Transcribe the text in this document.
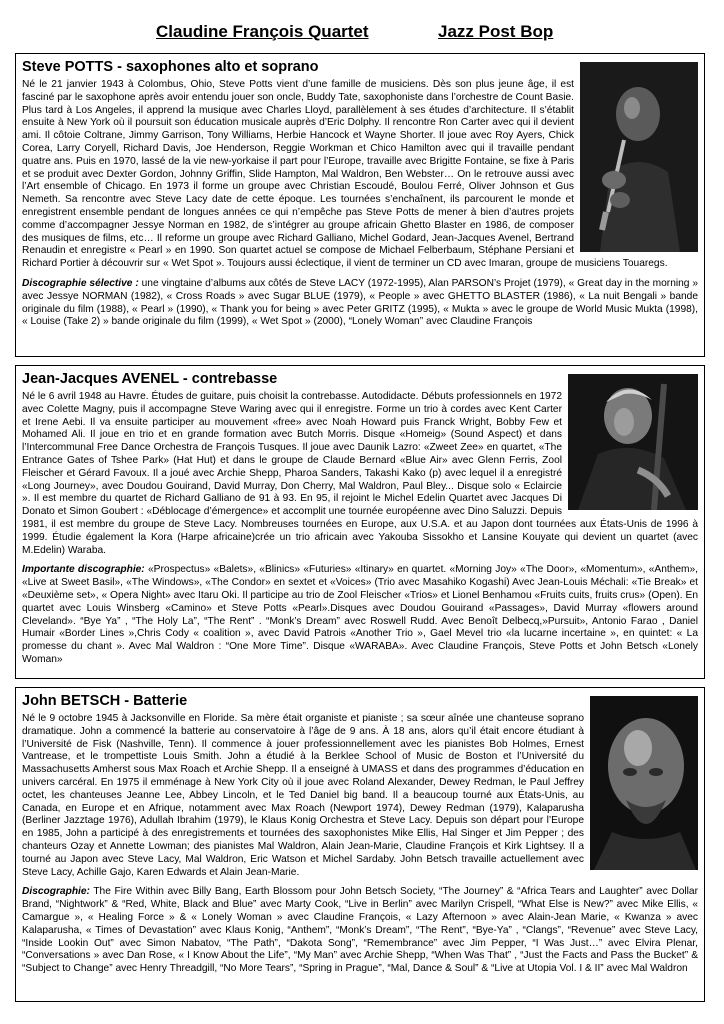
Claudine François Quartet	Jazz Post Bop
Steve POTTS - saxophones alto et soprano

Né le 21 janvier 1943 à Colombus, Ohio, Steve Potts vient d’une famille de musiciens. Dès son plus jeune âge, il est fasciné par le saxophone après avoir entendu jouer son oncle, Buddy Tate, saxophoniste dans l’orchestre de Count Basie. Plus tard à Los Angeles, il apprend la musique avec Charles Lloyd, parallèlement à ses études d’architecture. Il s’établit ensuite à New York où il poursuit son éducation musicale auprès d’Eric Dolphy. Il rencontre Ron Carter avec qui il devient ami. Il côtoie Coltrane, Jimmy Garrison, Tony Williams, Herbie Hancock et Wayne Shorter. Il joue avec Roy Ayers, Chick Corea, Larry Coryell, Richard Davis, Joe Henderson, Reggie Workman et Chico Hamilton avec qui il travaille pendant quatre ans. Puis en 1970, lassé de la vie new-yorkaise il part pour l’Europe, travaille avec Brigitte Fontaine, se fixe à Paris et se produit avec Dexter Gordon, Johnny Griffin, Slide Hampton, Mal Waldron, Ben Webster… On le retrouve aussi avec l’Art ensemble of Chicago. En 1973 il forme un groupe avec Christian Escoudé, Boulou Ferré, Oliver Johnson et Gus Nemeth. Sa rencontre avec Steve Lacy date de cette époque. Les tournées s’enchaînent, ils parcourent le monde et enregistrent ensemble pendant de longues années ce qui n’empêche pas Steve Potts de mener à bien d’autres projets comme d’accompagner Jessye Norman en 1982, de s’intégrer au groupe africain Ghetto Blaster en 1986, de composer des musiques de films, etc… Il reforme un groupe avec Richard Galliano, Michel Godard, Jean-Jacques Avenel, Bertrand Renaudin et enregistre « Pearl » en 1990. Son quartet actuel se compose de Michael Felberbaum, Stéphane Persiani et Richard Portier à découvrir sur « Wet Spot ». Toujours aussi éclectique, il vient de terminer un CD avec Imaran, groupe de musiciens Touaregs.

Discographie sélective : une vingtaine d’albums aux côtés de Steve LACY (1972-1995), Alan PARSON’s Projet (1979), « Great day in the morning » avec Jessye NORMAN (1982), « Cross Roads » avec Sugar BLUE (1979), « People » avec GHETTO BLASTER (1986), « La nuit Bengali » bande originale du film (1988), « Pearl » (1990), « Thank you for being » avec Peter GRITZ (1995), « Mukta » avec le groupe de World Music Mukta (1998), « Louise (Take 2) » bande originale du film (1999), « Wet Spot » (2000), “Lonely Woman” avec Claudine François

Jean-Jacques AVENEL - contrebasse

Né le 6 avril 1948 au Havre. Études de guitare, puis choisit la contrebasse. Autodidacte. Débuts professionnels en 1972 avec Colette Magny, puis il accompagne Steve Waring avec qui il enregistre. Forme un trio à cordes avec Kent Carter et Irene Aebi. Il va ensuite participer au mouvement «free» avec Noah Howard puis Franck Wright, Bobby Few et Mohamed Ali. Il joue en trio et en grande formation avec Butch Morris. Disque «Homeig» (Sound Aspect) et dans l’Intercommunal Free Dance Orchestra de François Tusques. Il joue avec Daunik Lazro: «Zweet Zee» en quartet, «The Entrance Gates of Tshee Park» (Hat Hut) et dans le groupe de Claude Bernard «Blue Air» avec Glenn Ferris, Zool Fleischer et Gérard Favoux. Il a joué avec Archie Shepp, Pharoa Sanders, Takashi Kako (p) avec lequel il a enregistré «Long Journey», avec Doudou Gouirand, David Murray, Don Cherry, Mal Waldron, Paul Bley... Disque solo « Eclaircie ». Il est membre du quartet de Richard Galliano de 91 à 93. En 95, il rejoint le Michel Edelin Quartet avec Jacques Di Donato et Simon Goubert : «Déblocage d’émergence» et accomplit une tournée européenne avec Dino Saluzzi. Depuis 1981, il est membre du groupe de Steve Lacy. Nombreuses tournées en Europe, aux U.S.A. et au Japon dont tournées aux États-Unis de 1996 à 1999. Étudie également la Kora (Harpe africaine)crée un trio africain avec Yakouba Sissokho et Lansine Kouyate qui devient un quartet (avec M.Edelin) Waraba.

Importante discographie: «Prospectus» «Balets», «Blinics» «Futuries» «Itinary» en quartet. «Morning Joy» «The Door», «Momentum», «Anthem», «Live at Sweet Basil», «The Windows», «The Condor» en sextet et «Voices» (Trio avec Masahiko Kogashi) Avec Jean-Louis Méchali: «Tie Break» et «Deuxième set», « Opera Night» avec Itaru Oki. Il participe au trio de Zool Fleischer «Trios» et Lionel Benhamou «Fruits cuits, fruits crus» (Open). En quartet avec Louis Winsberg «Camino» et Steve Potts «Pearl».Disques avec Doudou Gouirand «Passages», David Murray «flowers around Cleveland». “Bye Ya” , “The Holy La”, “The Rent” . “Monk’s Dream” avec Roswell Rudd. Avec Benoît Delbecq,»Pursuit», Antonio Farao , Daniel Humair «Border Lines »,Chris Cody « coalition », avec David Patrois «Another Trio », Gael Mevel trio «la lucarne incertaine », en quintet: « La promesse du chant ». Avec Mal Waldron : “One More Time”. Disque «WARABA». Avec Claudine François, Steve Potts et John Betsch «Lonely Woman»

John BETSCH - Batterie

Né le 9 octobre 1945 à Jacksonville en Floride. Sa mère était organiste et pianiste ; sa sœur aînée une chanteuse soprano dramatique. John a commencé la batterie au conservatoire à l’âge de 9 ans. À 18 ans, alors qu’il était encore étudiant à l’Université de Fisk (Nashville, Tenn). Il commence à jouer professionnellement avec les pianistes Bob Holmes, Ernest Vantrease, et le trompettiste Louis Smith. John a étudié à la Berklee School of Music de Boston et l’Université du Massachusetts Amherst sous Max Roach et Archie Shepp. Il a enseigné à UMASS et dans des programmes d’éducation en univers carcéral. En 1975 il emménage à New York City où il joue avec Roland Alexander, Dewey Redman, le Paul Jeffrey octet, les chanteuses Jeanne Lee, Abbey Lincoln, et le Ted Daniel big band. Il a beaucoup tourné aux États-Unis, au Canada, en Europe et en Afrique, notamment avec Max Roach (Newport 1974), Dewey Redman (1979), Kalaparusha (Berliner Jazztage 1976), Adullah Ibrahim (1979), le Klaus Konig Orchestra et Steve Lacy. Depuis son départ pour l’Europe en 1985, John a participé à des enregistrements et tournées des saxophonistes Mike Ellis, Hal Singer et Jim Pepper ; des chanteurs Ozay et Annette Lowman; des pianistes Mal Waldron, Alain Jean-Marie, Claudine François et Kirk Lightsey. Il a tourné au Japon avec Steve Lacy, Mal Waldron, Eric Watson et Michel Sardaby. John Betsch travaille actuellement avec Steve Lacy, Achille Gajo, Karen Edwards et Alain Jean-Marie.

Discographie: The Fire Within avec Billy Bang, Earth Blossom pour John Betsch Society, “The Journey” & “Africa Tears and Laughter” avec Dollar Brand, “Nightwork” & “Red, White, Black and Blue” avec Marty Cook, “Live in Berlin” avec Marilyn Crispell, “What Else is New?” avec Mike Ellis, « Camargue », « Healing Force » & « Lonely Woman » avec Claudine François, « Lazy Afternoon » avec Alain-Jean Marie, « Kwanza » avec Kalaparusha, « Times of Devastation” avec Klaus Konig, “Anthem”, “Monk’s Dream”, “The Rent”, “Bye-Ya” , “Clangs”, “Revenue” avec Steve Lacy, “Inside Lookin Out” avec Simon Nabatov, “The Path”, “Dakota Song”, “Remembrance” avec Jim Pepper, “I Was Just…” avec Elvira Plenar, “Conversations » avec Dan Rose, « I Know About the Life”, “My Man” avec Archie Shepp, “When Was That” , “Just the Facts and Pass the Bucket” & “Subject to Change” avec Henry Threadgill, “No More Tears”, “Spring in Prague”, “Mal, Dance & Soul” & “Live at Utopia Vol. I & II” avec Mal Waldron
